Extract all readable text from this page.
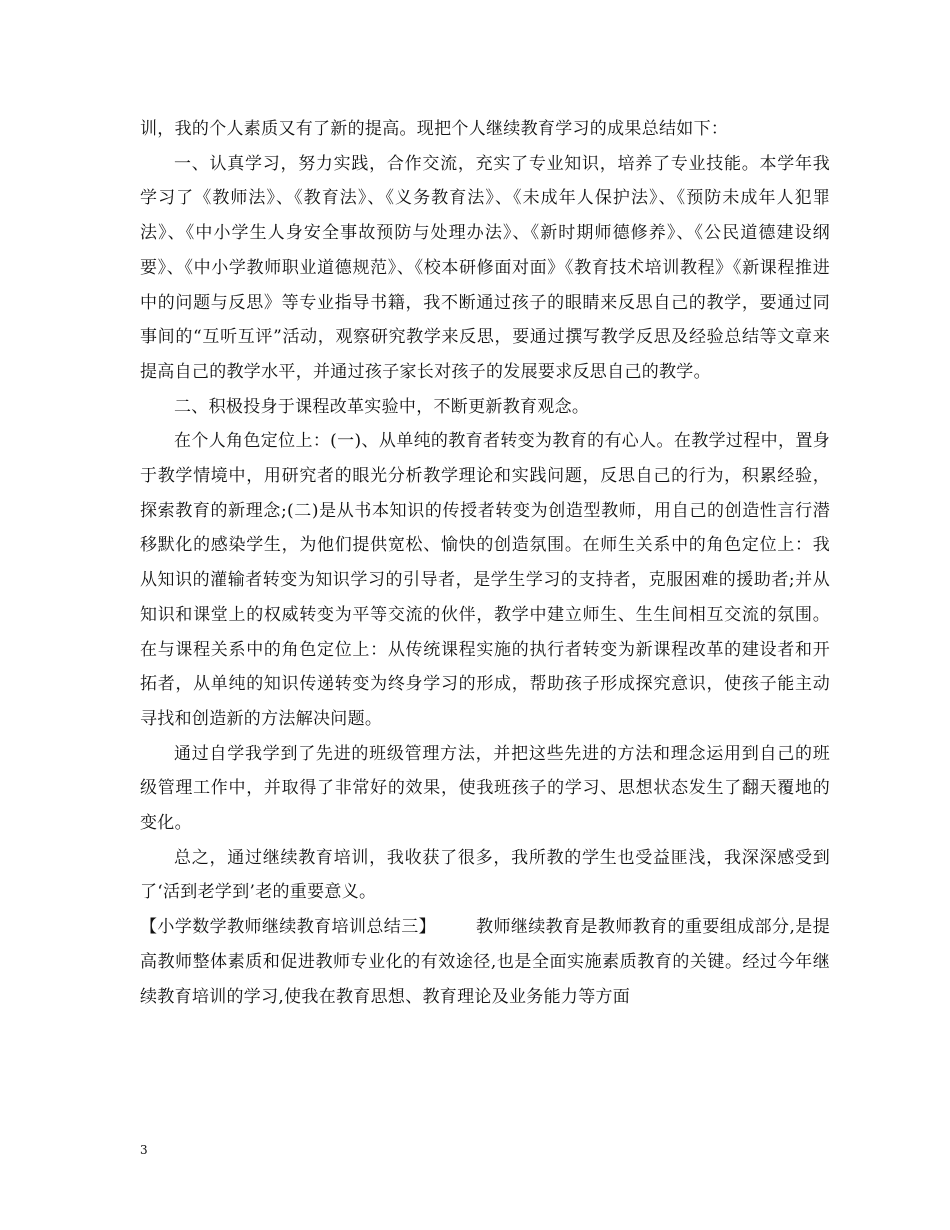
训，我的个人素质又有了新的提高。现把个人继续教育学习的成果总结如下：

一、认真学习，努力实践，合作交流，充实了专业知识，培养了专业技能。本学年我学习了《教师法》、《教育法》、《义务教育法》、《未成年人保护法》、《预防未成年人犯罪法》、《中小学生人身安全事故预防与处理办法》、《新时期师德修养》、《公民道德建设纲要》、《中小学教师职业道德规范》、《校本研修面对面》《教育技术培训教程》《新课程推进中的问题与反思》等专业指导书籍，我不断通过孩子的眼睛来反思自己的教学，要通过同事间的“互听互评”活动，观察研究教学来反思，要通过撰写教学反思及经验总结等文章来提高自己的教学水平，并通过孩子家长对孩子的发展要求反思自己的教学。

二、积极投身于课程改革实验中，不断更新教育观念。

在个人角色定位上：(一)、从单纯的教育者转变为教育的有心人。在教学过程中，置身于教学情境中，用研究者的眼光分析教学理论和实践问题，反思自己的行为，积累经验，探索教育的新理念;(二)是从书本知识的传授者转变为创造型教师，用自己的创造性言行潜移默化的感染学生，为他们提供宽松、愉快的创造氛围。在师生关系中的角色定位上：我从知识的灌输者转变为知识学习的引导者，是学生学习的支持者，克服困难的援助者;并从知识和课堂上的权威转变为平等交流的伙伴，教学中建立师生、生生间相互交流的氛围。在与课程关系中的角色定位上：从传统课程实施的执行者转变为新课程改革的建设者和开拓者，从单纯的知识传递转变为终身学习的形成，帮助孩子形成探究意识，使孩子能主动寻找和创造新的方法解决问题。

通过自学我学到了先进的班级管理方法，并把这些先进的方法和理念运用到自己的班级管理工作中，并取得了非常好的效果，使我班孩子的学习、思想状态发生了翻天覆地的变化。

总之，通过继续教育培训，我收获了很多，我所教的学生也受益匪浅，我深深感受到了‘活到老学到’老的重要意义。

【小学数学教师继续教育培训总结三】 教师继续教育是教师教育的重要组成部分,是提高教师整体素质和促进教师专业化的有效途径,也是全面实施素质教育的关键。经过今年继续教育培训的学习,使我在教育思想、教育理论及业务能力等方面

3
